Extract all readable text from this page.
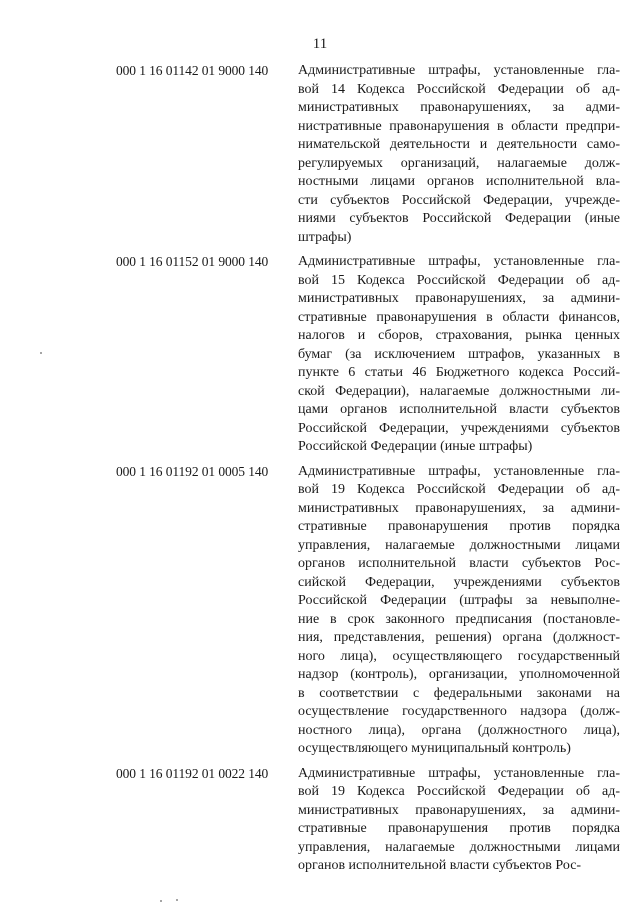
11
000 1 16 01142 01 9000 140	Административные штрафы, установленные гла-
вой 14 Кодекса Российской Федерации об ад-
министративных правонарушениях, за адми-
нистративные правонарушения в области предпри-
нимательской деятельности и деятельности само-
регулируемых организаций, налагаемые долж-
ностными лицами органов исполнительной вла-
сти субъектов Российской Федерации, учрежде-
ниями субъектов Российской Федерации (иные
штрафы)
000 1 16 01152 01 9000 140	Административные штрафы, установленные гла-
вой 15 Кодекса Российской Федерации об ад-
министративных правонарушениях, за админи-
стративные правонарушения в области финансов,
налогов и сборов, страхования, рынка ценных
бумаг (за исключением штрафов, указанных в
пункте 6 статьи 46 Бюджетного кодекса Россий-
ской Федерации), налагаемые должностными ли-
цами органов исполнительной власти субъектов
Российской Федерации, учреждениями субъектов
Российской Федерации (иные штрафы)
000 1 16 01192 01 0005 140	Административные штрафы, установленные гла-
вой 19 Кодекса Российской Федерации об ад-
министративных правонарушениях, за админи-
стративные правонарушения против порядка
управления, налагаемые должностными лицами
органов исполнительной власти субъектов Рос-
сийской Федерации, учреждениями субъектов
Российской Федерации (штрафы за невыполне-
ние в срок законного предписания (постановле-
ния, представления, решения) органа (должност-
ного лица), осуществляющего государственный
надзор (контроль), организации, уполномоченной
в соответствии с федеральными законами на
осуществление государственного надзора (долж-
ностного лица), органа (должностного лица),
осуществляющего муниципальный контроль)
000 1 16 01192 01 0022 140	Административные штрафы, установленные гла-
вой 19 Кодекса Российской Федерации об ад-
министративных правонарушениях, за админи-
стративные правонарушения против порядка
управления, налагаемые должностными лицами
органов исполнительной власти субъектов Рос-
